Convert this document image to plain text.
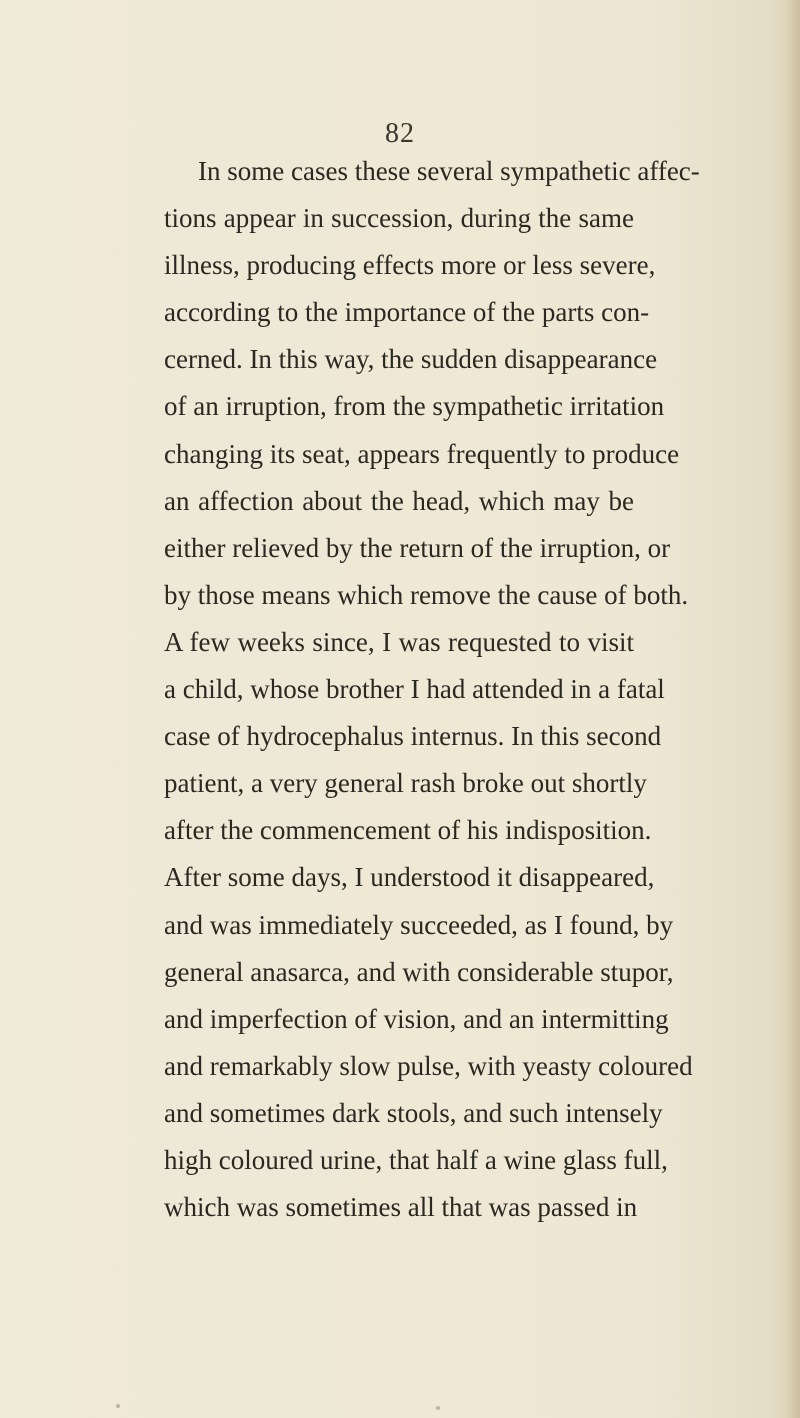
82
In some cases these several sympathetic affec-
tions appear in succession, during the same
illness, producing effects more or less severe,
according to the importance of the parts con-
cerned. In this way, the sudden disappearance
of an irruption, from the sympathetic irritation
changing its seat, appears frequently to produce
an affection about the head, which may be
either relieved by the return of the irruption, or
by those means which remove the cause of both.
A few weeks since, I was requested to visit
a child, whose brother I had attended in a fatal
case of hydrocephalus internus. In this second
patient, a very general rash broke out shortly
after the commencement of his indisposition.
After some days, I understood it disappeared,
and was immediately succeeded, as I found, by
general anasarca, and with considerable stupor,
and imperfection of vision, and an intermitting
and remarkably slow pulse, with yeasty coloured
and sometimes dark stools, and such intensely
high coloured urine, that half a wine glass full,
which was sometimes all that was passed in
